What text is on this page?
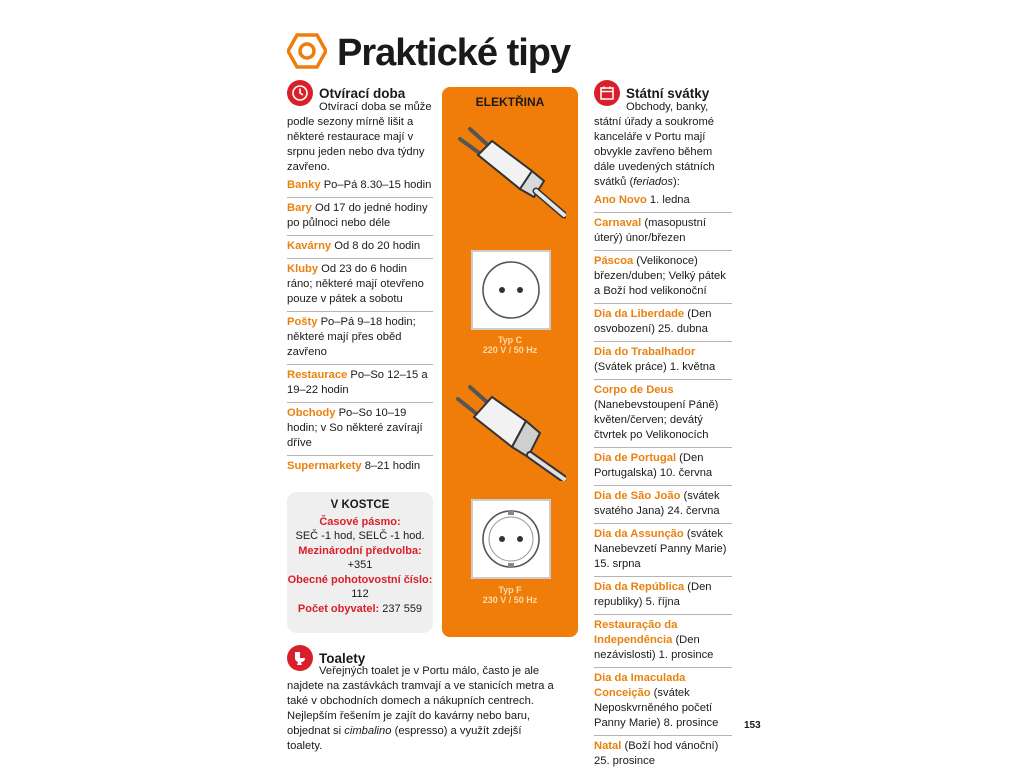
Praktické tipy
Otvírací doba
Otvírací doba se může podle sezony mírně lišit a některé restaurace mají v srpnu jeden nebo dva týdny zavřeno.
Banky Po–Pá 8.30–15 hodin
Bary Od 17 do jedné hodiny po půlnoci nebo déle
Kavárny Od 8 do 20 hodin
Kluby Od 23 do 6 hodin ráno; některé mají otevřeno pouze v pátek a sobotu
Pošty Po–Pá 9–18 hodin; některé mají přes oběd zavřeno
Restaurace Po–So 12–15 a 19–22 hodin
Obchody Po–So 10–19 hodin; v So některé zavírají dříve
Supermarkety 8–21 hodin
V KOSTCE
Časové pásmo:
SEČ -1 hod, SELČ -1 hod.
Mezinárodní předvolba:
+351
Obecné pohotovostní číslo: 112
Počet obyvatel: 237 559
ELEKTŘINA
Typ C
220 V / 50 Hz
Typ F
230 V / 50 Hz
Státní svátky
Obchody, banky, státní úřady a soukromé kanceláře v Portu mají obvykle zavřeno během dále uvedených státních svátků (feriados):
Ano Novo 1. ledna
Carnaval (masopustní úterý) únor/březen
Páscoa (Velikonoce) březen/duben; Velký pátek a Boží hod velikonoční
Dia da Liberdade (Den osvobození) 25. dubna
Dia do Trabalhador (Svátek práce) 1. května
Corpo de Deus (Nanebevstoupení Páně) květen/červen; devátý čtvrtek po Velikonocích
Dia de Portugal (Den Portugalska) 10. června
Dia de São João (svátek svatého Jana) 24. června
Dia da Assunção (svátek Nanebevzetí Panny Marie) 15. srpna
Dia da República (Den republiky) 5. října
Restauração da Independência (Den nezávislosti) 1. prosince
Dia da Imaculada Conceição (svátek Neposkvrněného početí Panny Marie) 8. prosince
Natal (Boží hod vánoční) 25. prosince
Toalety
Veřejných toalet je v Portu málo, často je ale najdete na zastávkách tramvají a ve stanicích metra a také v obchodních domech a nákupních centrech. Nejlepším řešením je zajít do kavárny nebo baru, objednat si cimbalino (espresso) a využít zdejší toalety.
153
